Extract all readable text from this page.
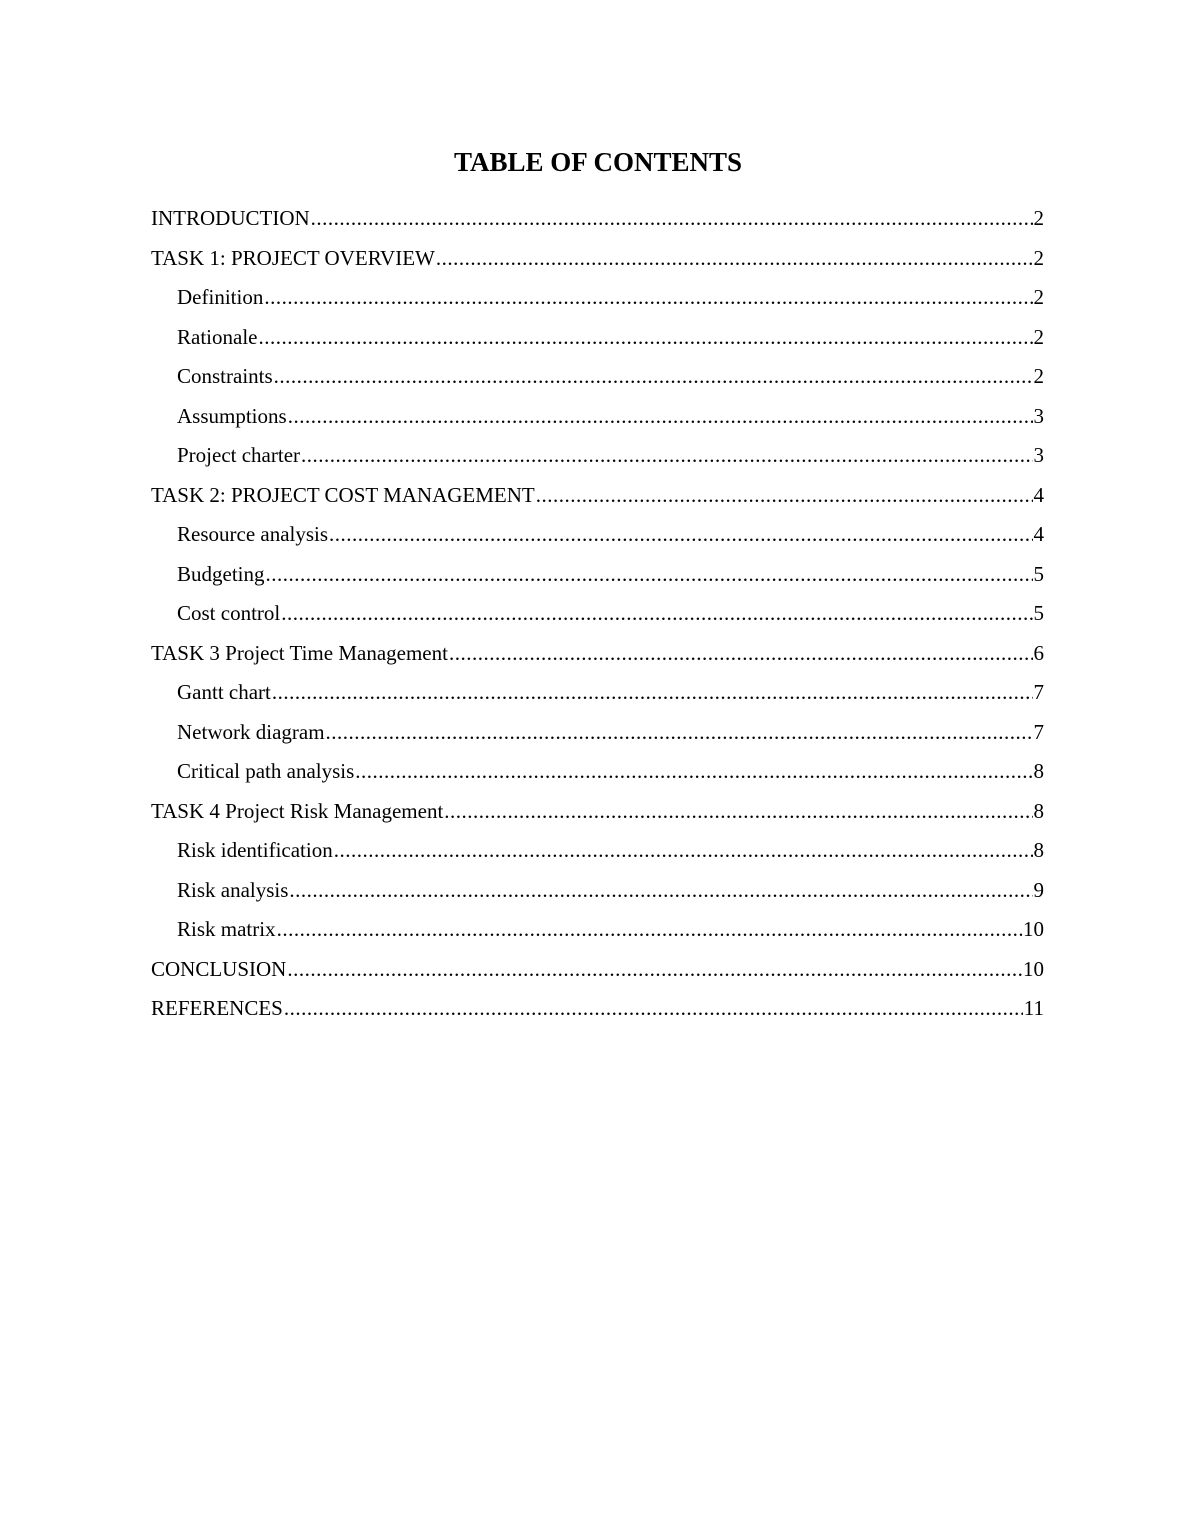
TABLE OF CONTENTS
INTRODUCTION .....	2
TASK 1: PROJECT OVERVIEW .....	2
Definition .....	2
Rationale .....	2
Constraints .....	2
Assumptions .....	3
Project charter .....	3
TASK 2: PROJECT COST MANAGEMENT .....	4
Resource analysis .....	4
Budgeting .....	5
Cost control .....	5
TASK 3 Project Time Management .....	6
Gantt chart .....	7
Network diagram .....	7
Critical path analysis .....	8
TASK 4 Project Risk Management .....	8
Risk identification .....	8
Risk analysis .....	9
Risk matrix .....	10
CONCLUSION .....	10
REFERENCES .....	11
